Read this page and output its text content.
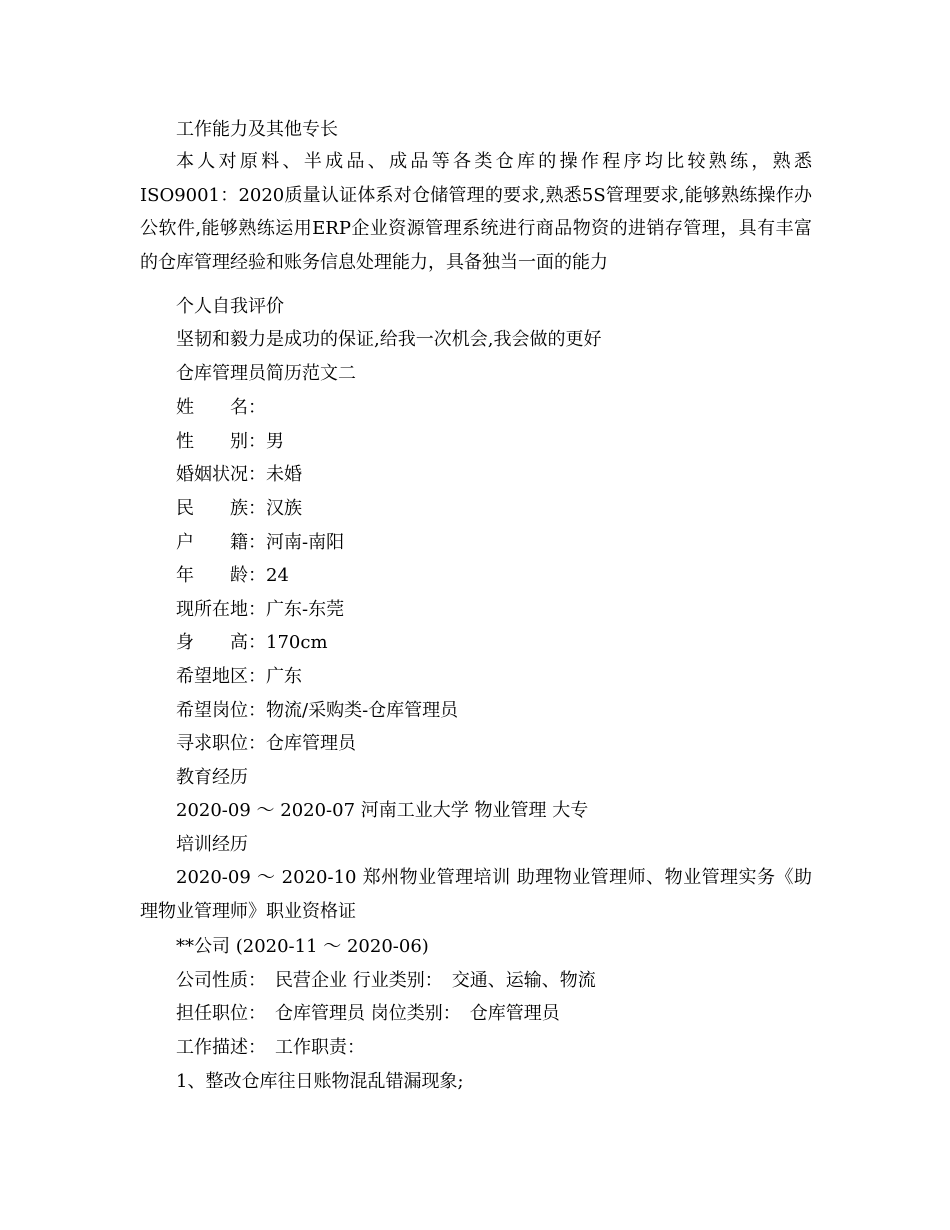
工作能力及其他专长
本人对原料、半成品、成品等各类仓库的操作程序均比较熟练，熟悉ISO9001：2020质量认证体系对仓储管理的要求,熟悉5S管理要求,能够熟练操作办公软件,能够熟练运用ERP企业资源管理系统进行商品物资的进销存管理，具有丰富的仓库管理经验和账务信息处理能力，具备独当一面的能力
个人自我评价
坚韧和毅力是成功的保证,给我一次机会,我会做的更好
仓库管理员简历范文二
姓　　名：
性　　别：男
婚姻状况：未婚
民　　族：汉族
户　　籍：河南-南阳
年　　龄：24
现所在地：广东-东莞
身　　高：170cm
希望地区：广东
希望岗位：物流/采购类-仓库管理员
寻求职位：仓库管理员
教育经历
2020-09 ～ 2020-07 河南工业大学 物业管理 大专
培训经历
2020-09 ～ 2020-10 郑州物业管理培训 助理物业管理师、物业管理实务《助理物业管理师》职业资格证
**公司 (2020-11 ～ 2020-06)
公司性质：　民营企业 行业类别：　交通、运输、物流
担任职位：　仓库管理员 岗位类别：　仓库管理员
工作描述：　工作职责：
1、整改仓库往日账物混乱错漏现象;
